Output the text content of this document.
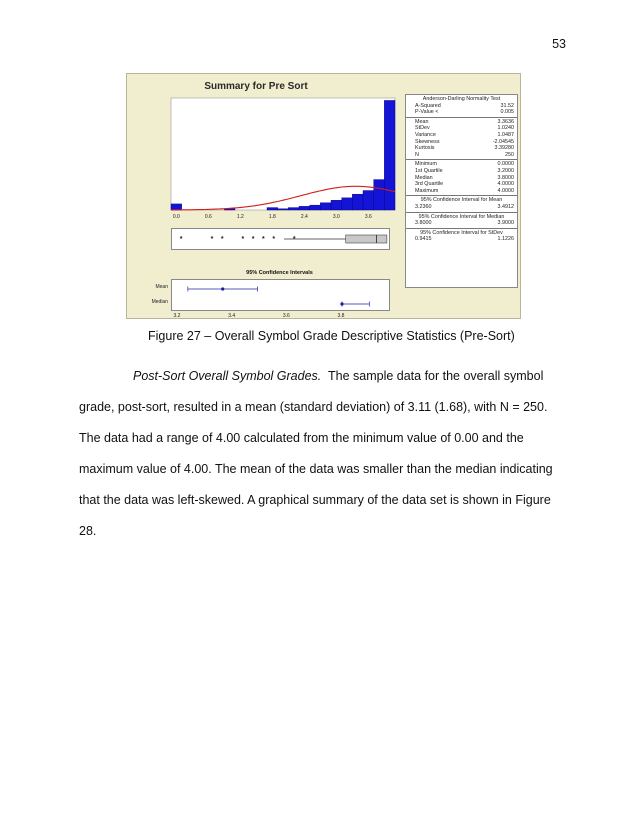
53
Summary for Pre Sort
0.0	0.6	1.2	1.8	2.4	3.0	3.6
*	* *	* * * *	*
95% Confidence Intervals
Mean
Median
3.2	3.4	3.6	3.8
Anderson-Darling Normality Test
A-Squared	31.52
P-Value <	0.005
Mean	3.3636
StDev	1.0240
Variance	1.0487
Skewness	-2.04545
Kurtosis	3.39280
N	250
Minimum	0.0000
1st Quartile	3.2000
Median	3.8000
3rd Quartile	4.0000
Maximum	4.0000
95% Confidence Interval for Mean
3.2360	3.4912
95% Confidence Interval for Median
3.8000	3.9000
95% Confidence Interval for StDev
0.9415	1.1226
Figure 27 – Overall Symbol Grade Descriptive Statistics (Pre-Sort)
Post-Sort Overall Symbol Grades.  The sample data for the overall symbol
grade, post-sort, resulted in a mean (standard deviation) of 3.11 (1.68), with N = 250. The data had a range of 4.00 calculated from the minimum value of 0.00 and the maximum value of 4.00. The mean of the data was smaller than the median indicating that the data was left-skewed. A graphical summary of the data set is shown in Figure 28.
